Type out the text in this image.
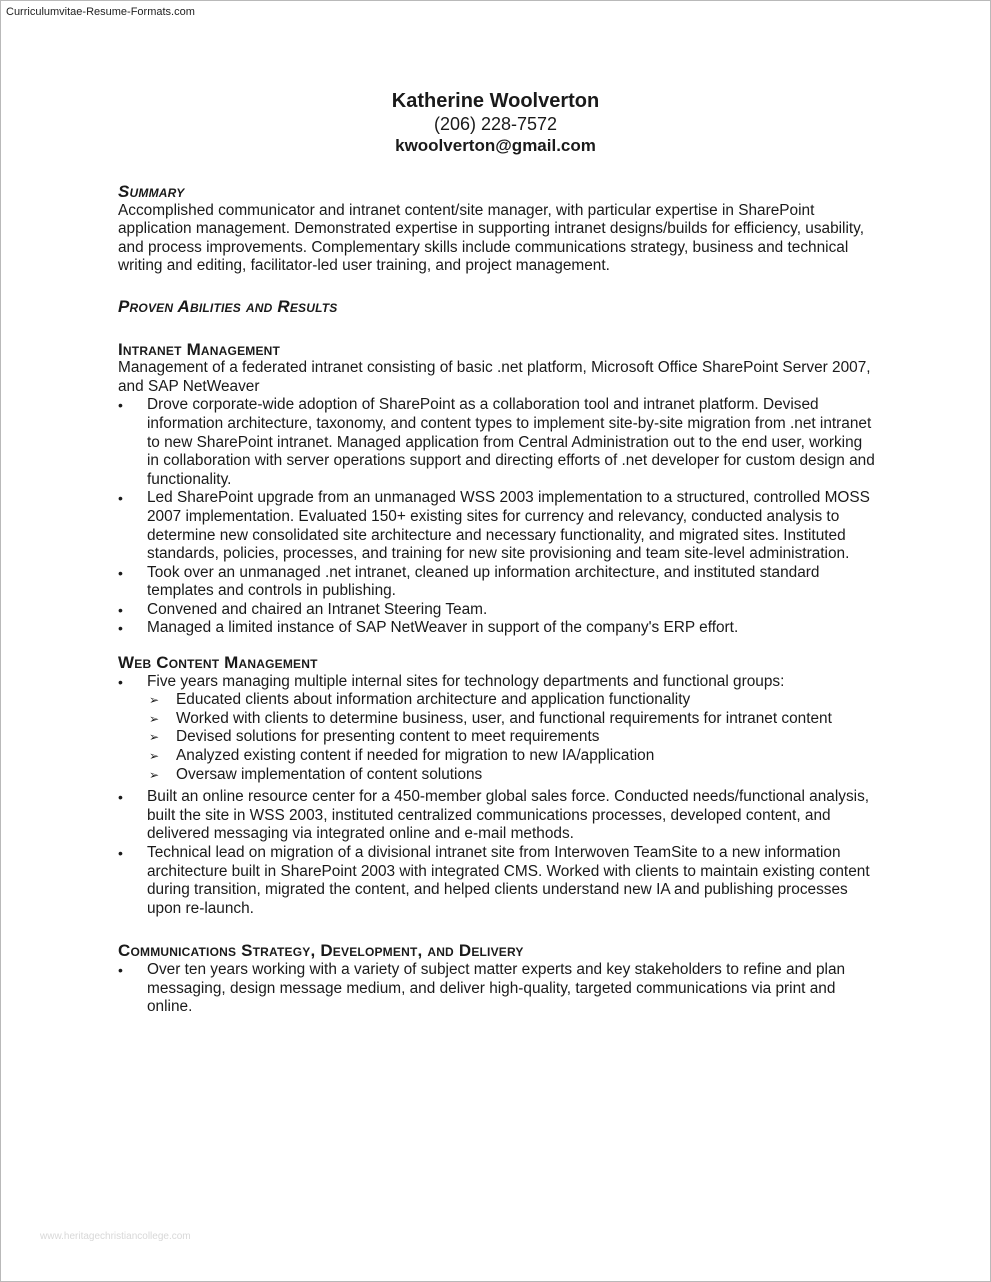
Curriculumvitae-Resume-Formats.com
www.heritagechristiancollege.com
Katherine Woolverton
(206) 228-7572
kwoolverton@gmail.com
Summary

Accomplished communicator and intranet content/site manager, with particular expertise in SharePoint application management. Demonstrated expertise in supporting intranet designs/builds for efficiency, usability, and process improvements. Complementary skills include communications strategy, business and technical writing and editing, facilitator-led user training, and project management.

Proven Abilities and Results
Intranet Management

Management of a federated intranet consisting of basic .net platform, Microsoft Office SharePoint Server 2007, and SAP NetWeaver

• Drove corporate-wide adoption of SharePoint as a collaboration tool and intranet platform. Devised information architecture, taxonomy, and content types to implement site-by-site migration from .net intranet to new SharePoint intranet. Managed application from Central Administration out to the end user, working in collaboration with server operations support and directing efforts of .net developer for custom design and functionality.
• Led SharePoint upgrade from an unmanaged WSS 2003 implementation to a structured, controlled MOSS 2007 implementation. Evaluated 150+ existing sites for currency and relevancy, conducted analysis to determine new consolidated site architecture and necessary functionality, and migrated sites. Instituted standards, policies, processes, and training for new site provisioning and team site-level administration.
• Took over an unmanaged .net intranet, cleaned up information architecture, and instituted standard templates and controls in publishing.
• Convened and chaired an Intranet Steering Team.
• Managed a limited instance of SAP NetWeaver in support of the company's ERP effort.
Web Content Management
• Five years managing multiple internal sites for technology departments and functional groups:
➢ Educated clients about information architecture and application functionality
➢ Worked with clients to determine business, user, and functional requirements for intranet content
➢ Devised solutions for presenting content to meet requirements
➢ Analyzed existing content if needed for migration to new IA/application
➢ Oversaw implementation of content solutions
• Built an online resource center for a 450-member global sales force. Conducted needs/functional analysis, built the site in WSS 2003, instituted centralized communications processes, developed content, and delivered messaging via integrated online and e-mail methods.
• Technical lead on migration of a divisional intranet site from Interwoven TeamSite to a new information architecture built in SharePoint 2003 with integrated CMS. Worked with clients to maintain existing content during transition, migrated the content, and helped clients understand new IA and publishing processes upon re-launch.
Communications Strategy, Development, and Delivery
• Over ten years working with a variety of subject matter experts and key stakeholders to refine and plan messaging, design message medium, and deliver high-quality, targeted communications via print and online.
